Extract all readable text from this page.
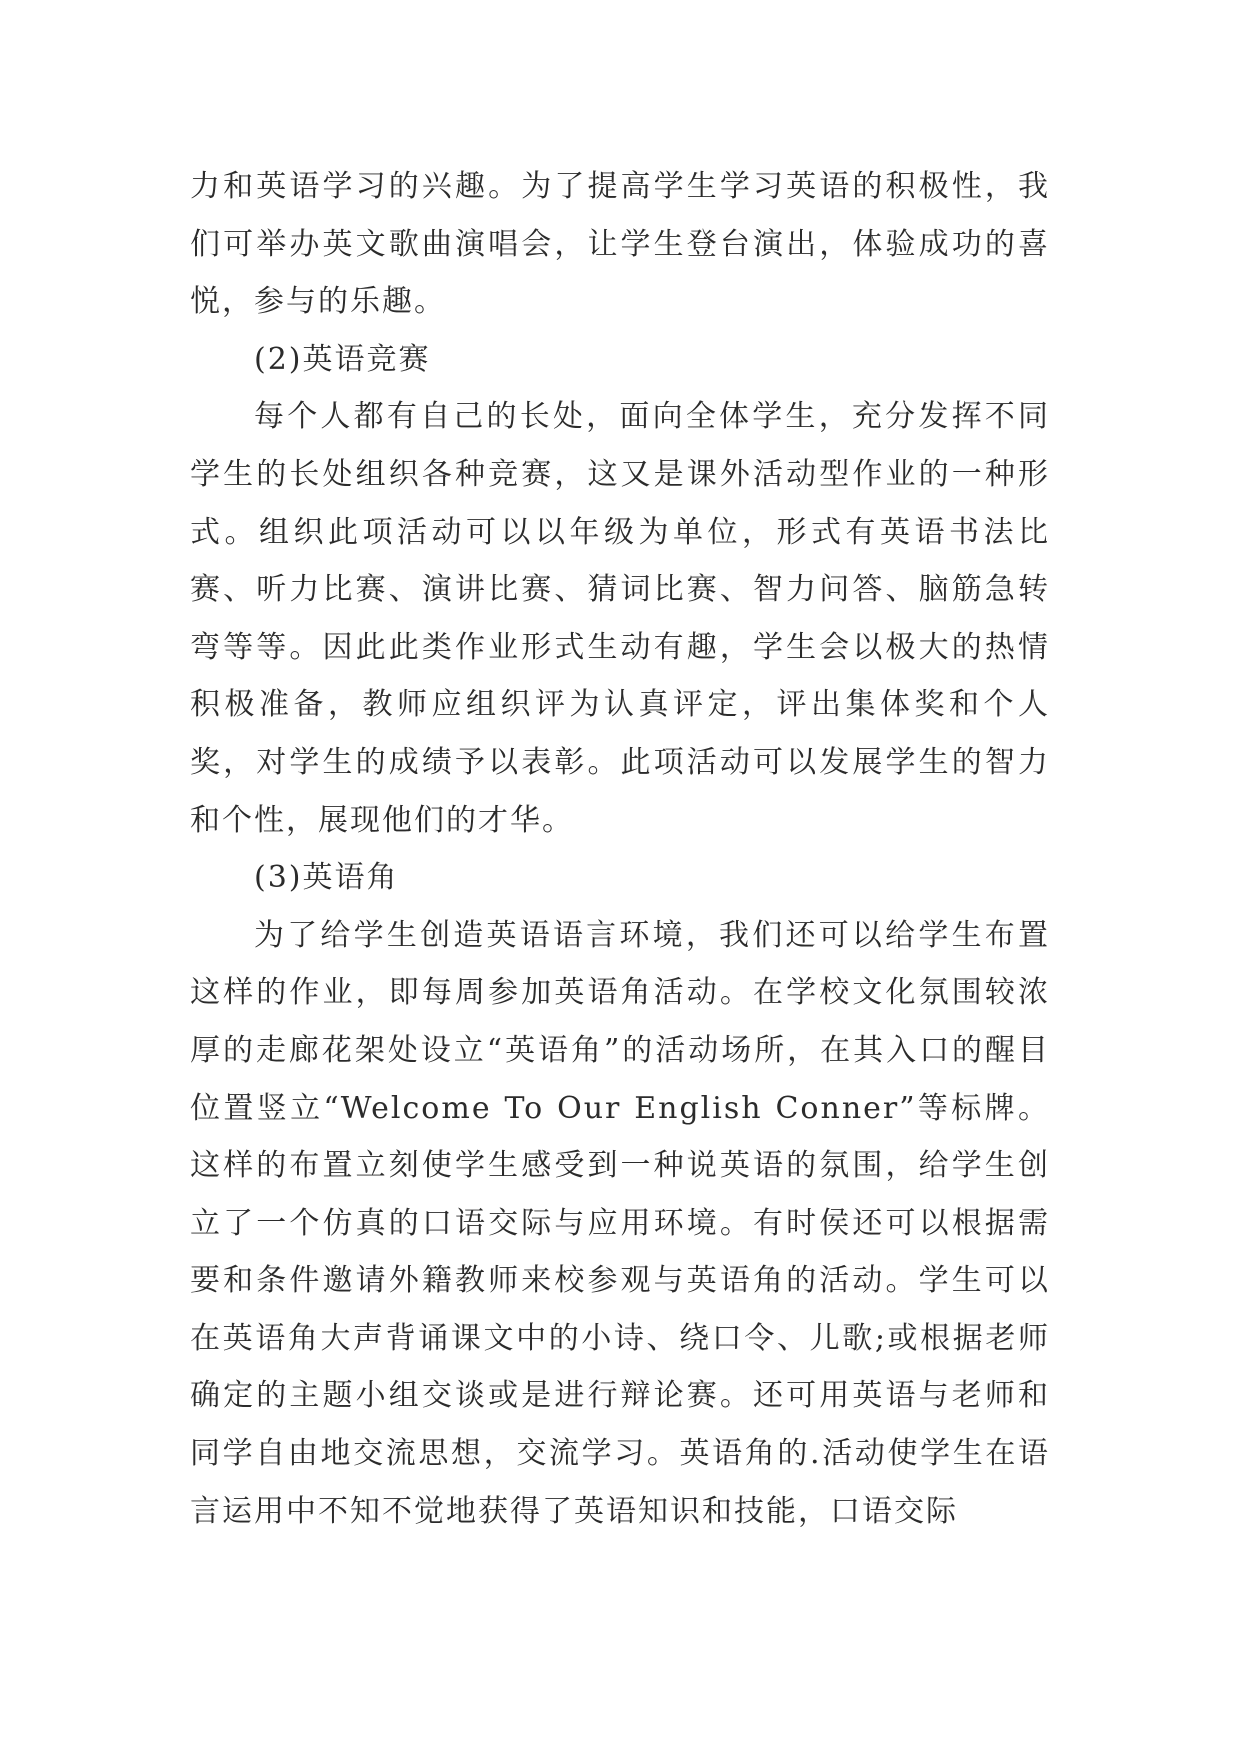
力和英语学习的兴趣。为了提高学生学习英语的积极性，我们可举办英文歌曲演唱会，让学生登台演出，体验成功的喜悦，参与的乐趣。

(2)英语竞赛

每个人都有自己的长处，面向全体学生，充分发挥不同学生的长处组织各种竞赛，这又是课外活动型作业的一种形式。组织此项活动可以以年级为单位，形式有英语书法比赛、听力比赛、演讲比赛、猜词比赛、智力问答、脑筋急转弯等等。因此此类作业形式生动有趣，学生会以极大的热情积极准备，教师应组织评为认真评定，评出集体奖和个人奖，对学生的成绩予以表彰。此项活动可以发展学生的智力和个性，展现他们的才华。

(3)英语角

为了给学生创造英语语言环境，我们还可以给学生布置这样的作业，即每周参加英语角活动。在学校文化氛围较浓厚的走廊花架处设立“英语角”的活动场所，在其入口的醒目位置竖立“Welcome To Our English Conner”等标牌。这样的布置立刻使学生感受到一种说英语的氛围，给学生创立了一个仿真的口语交际与应用环境。有时侯还可以根据需要和条件邀请外籍教师来校参观与英语角的活动。学生可以在英语角大声背诵课文中的小诗、绕口令、儿歌;或根据老师确定的主题小组交谈或是进行辩论赛。还可用英语与老师和同学自由地交流思想，交流学习。英语角的.活动使学生在语言运用中不知不觉地获得了英语知识和技能，口语交际
